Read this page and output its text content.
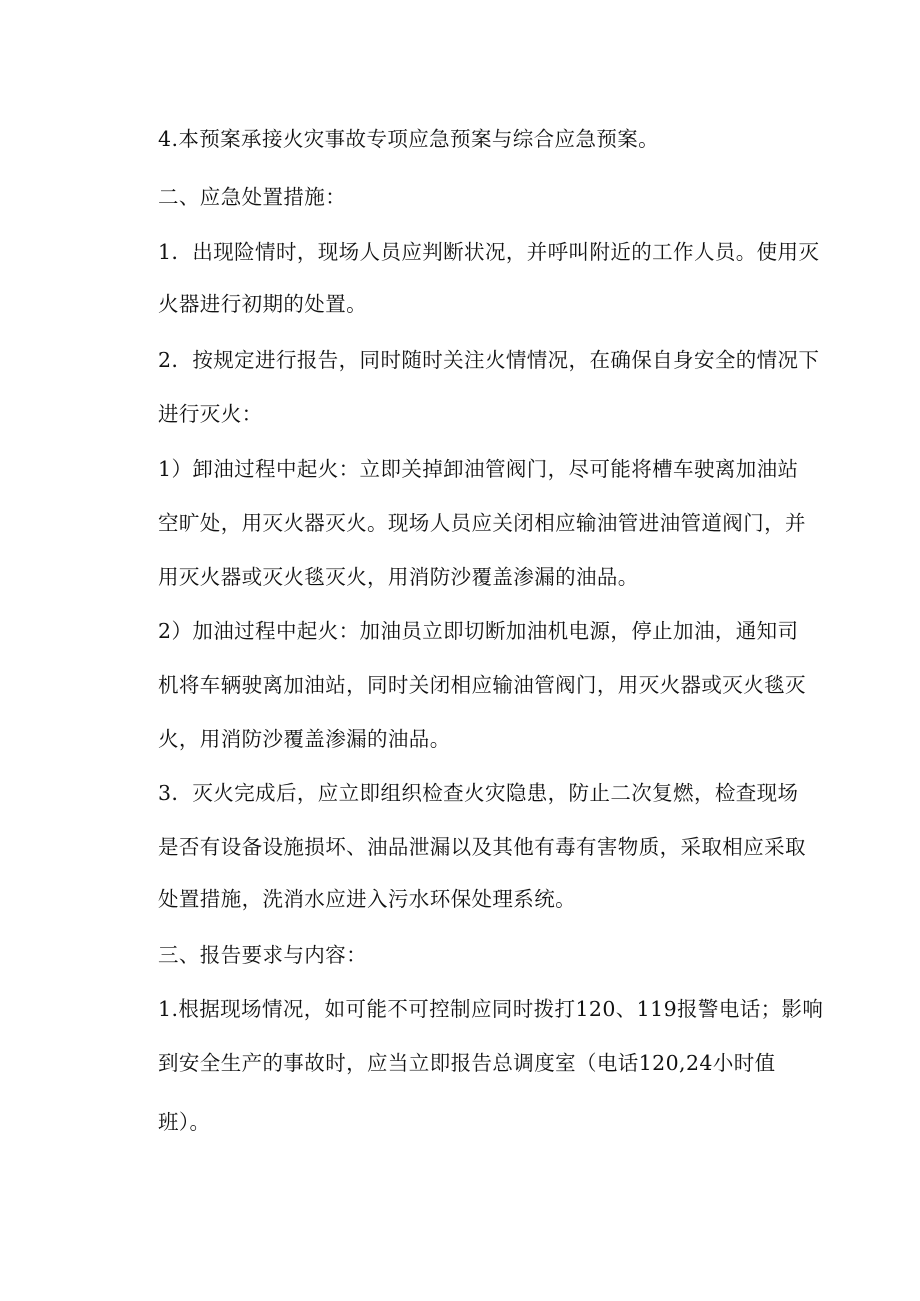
4.本预案承接火灾事故专项应急预案与综合应急预案。
二、应急处置措施：
1．出现险情时，现场人员应判断状况，并呼叫附近的工作人员。使用灭
火器进行初期的处置。
2．按规定进行报告，同时随时关注火情情况，在确保自身安全的情况下
进行灭火：
1）卸油过程中起火：立即关掉卸油管阀门，尽可能将槽车驶离加油站
空旷处，用灭火器灭火。现场人员应关闭相应输油管进油管道阀门，并
用灭火器或灭火毯灭火，用消防沙覆盖渗漏的油品。
2）加油过程中起火：加油员立即切断加油机电源，停止加油，通知司
机将车辆驶离加油站，同时关闭相应输油管阀门，用灭火器或灭火毯灭
火，用消防沙覆盖渗漏的油品。
3．灭火完成后，应立即组织检查火灾隐患，防止二次复燃，检查现场
是否有设备设施损坏、油品泄漏以及其他有毒有害物质，采取相应采取
处置措施，洗消水应进入污水环保处理系统。
三、报告要求与内容：
1.根据现场情况，如可能不可控制应同时拨打120、119报警电话；影响
到安全生产的事故时，应当立即报告总调度室（电话120,24小时值
班）。
